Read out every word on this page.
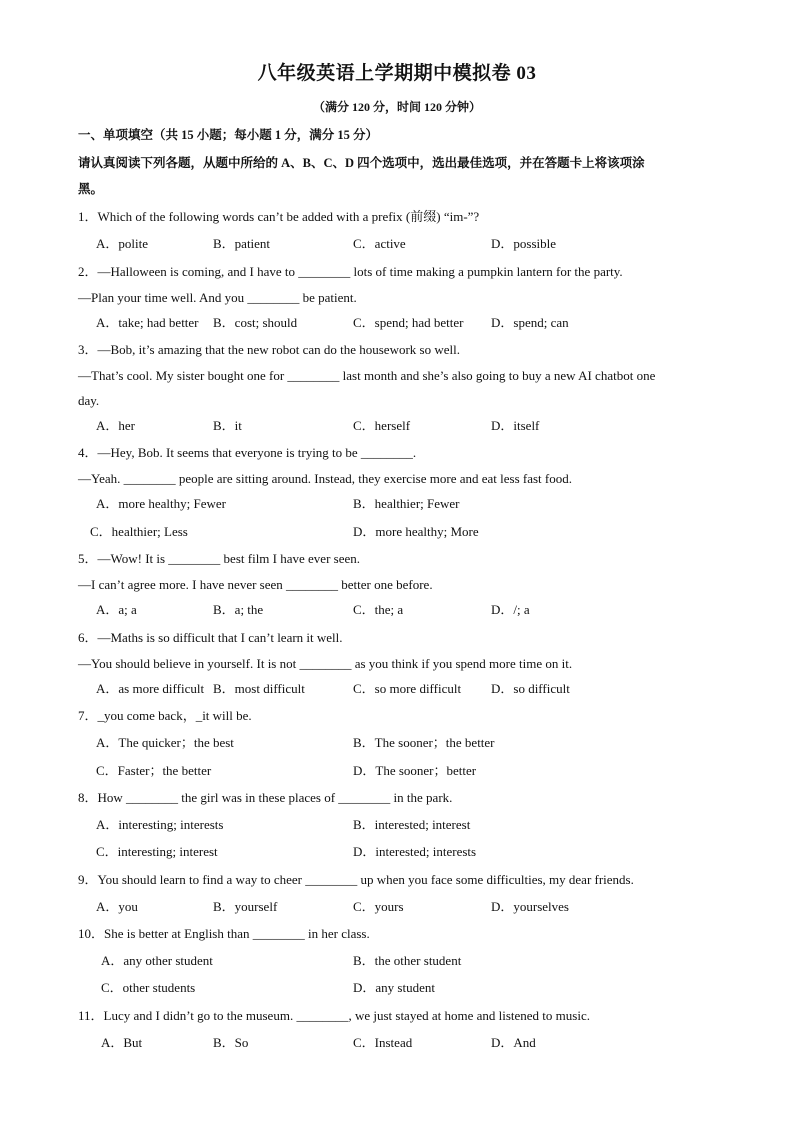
八年级英语上学期期中模拟卷 03
（满分 120 分，时间 120 分钟）
一、单项填空（共 15 小题；每小题 1 分，满分 15 分）
请认真阅读下列各题，从题中所给的 A、B、C、D 四个选项中，选出最佳选项，并在答题卡上将该项涂
黑。
1．Which of the following words can’t be added with a prefix (前缀) “im-”?
A．polite	B．patient	C．active	D．possible
2．—Halloween is coming, and I have to ________ lots of time making a pumpkin lantern for the party.
—Plan your time well. And you ________ be patient.
A．take; had better B．cost; should	C．spend; had better D．spend; can
3．—Bob, it’s amazing that the new robot can do the housework so well.
—That’s cool. My sister bought one for ________ last month and she’s also going to buy a new AI chatbot one
day.
A．her	B．it	C．herself	D．itself
4．—Hey, Bob. It seems that everyone is trying to be ________.
—Yeah. ________ people are sitting around. Instead, they exercise more and eat less fast food.
A．more healthy; Fewer	B．healthier; Fewer
C．healthier; Less	D．more healthy; More
5．—Wow! It is ________ best film I have ever seen.
—I can’t agree more. I have never seen ________ better one before.
A．a; a	B．a; the	C．the; a	D．/; a
6．—Maths is so difficult that I can’t learn it well.
—You should believe in yourself. It is not ________ as you think if you spend more time on it.
A．as more difficult B．most difficult	C．so more difficult D．so difficult
7．_you come back，_it will be.
A．The quicker；the best	B．The sooner；the better
C．Faster；the better	D．The sooner；better
8．How ________ the girl was in these places of ________ in the park.
A．interesting; interests	B．interested; interest
C．interesting; interest	D．interested; interests
9．You should learn to find a way to cheer ________ up when you face some difficulties, my dear friends.
A．you	B．yourself	C．yours	D．yourselves
10．She is better at English than ________ in her class.
A．any other student	B．the other student
C．other students	D．any student
11．Lucy and I didn’t go to the museum. ________, we just stayed at home and listened to music.
A．But	B．So	C．Instead	D．And
